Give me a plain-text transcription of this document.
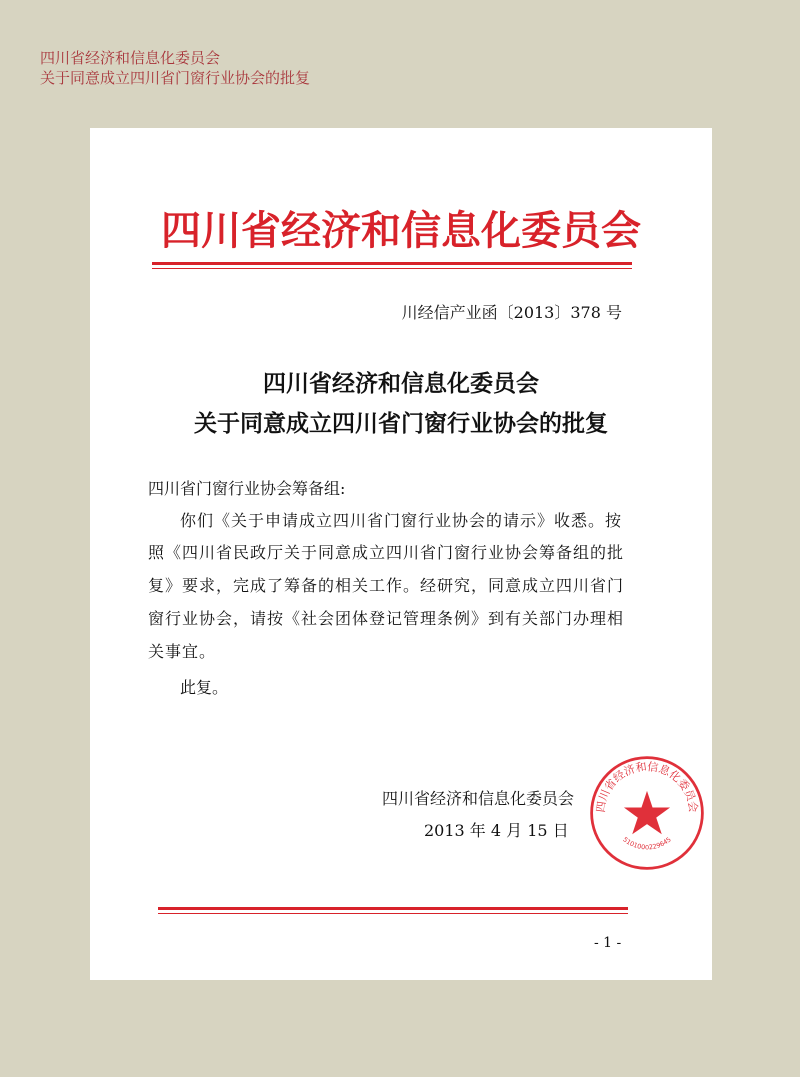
四川省经济和信息化委员会
关于同意成立四川省门窗行业协会的批复
四川省经济和信息化委员会
川经信产业函〔2013〕378 号
四川省经济和信息化委员会
关于同意成立四川省门窗行业协会的批复
四川省门窗行业协会筹备组:
你们《关于申请成立四川省门窗行业协会的请示》收悉。按
照《四川省民政厅关于同意成立四川省门窗行业协会筹备组的批
复》要求，完成了筹备的相关工作。经研究，同意成立四川省门
窗行业协会，请按《社会团体登记管理条例》到有关部门办理相
关事宜。
此复。
四川省经济和信息化委员会
2013 年 4 月 15 日
四川省经济和信息化委员会
5101000229645
- 1 -
